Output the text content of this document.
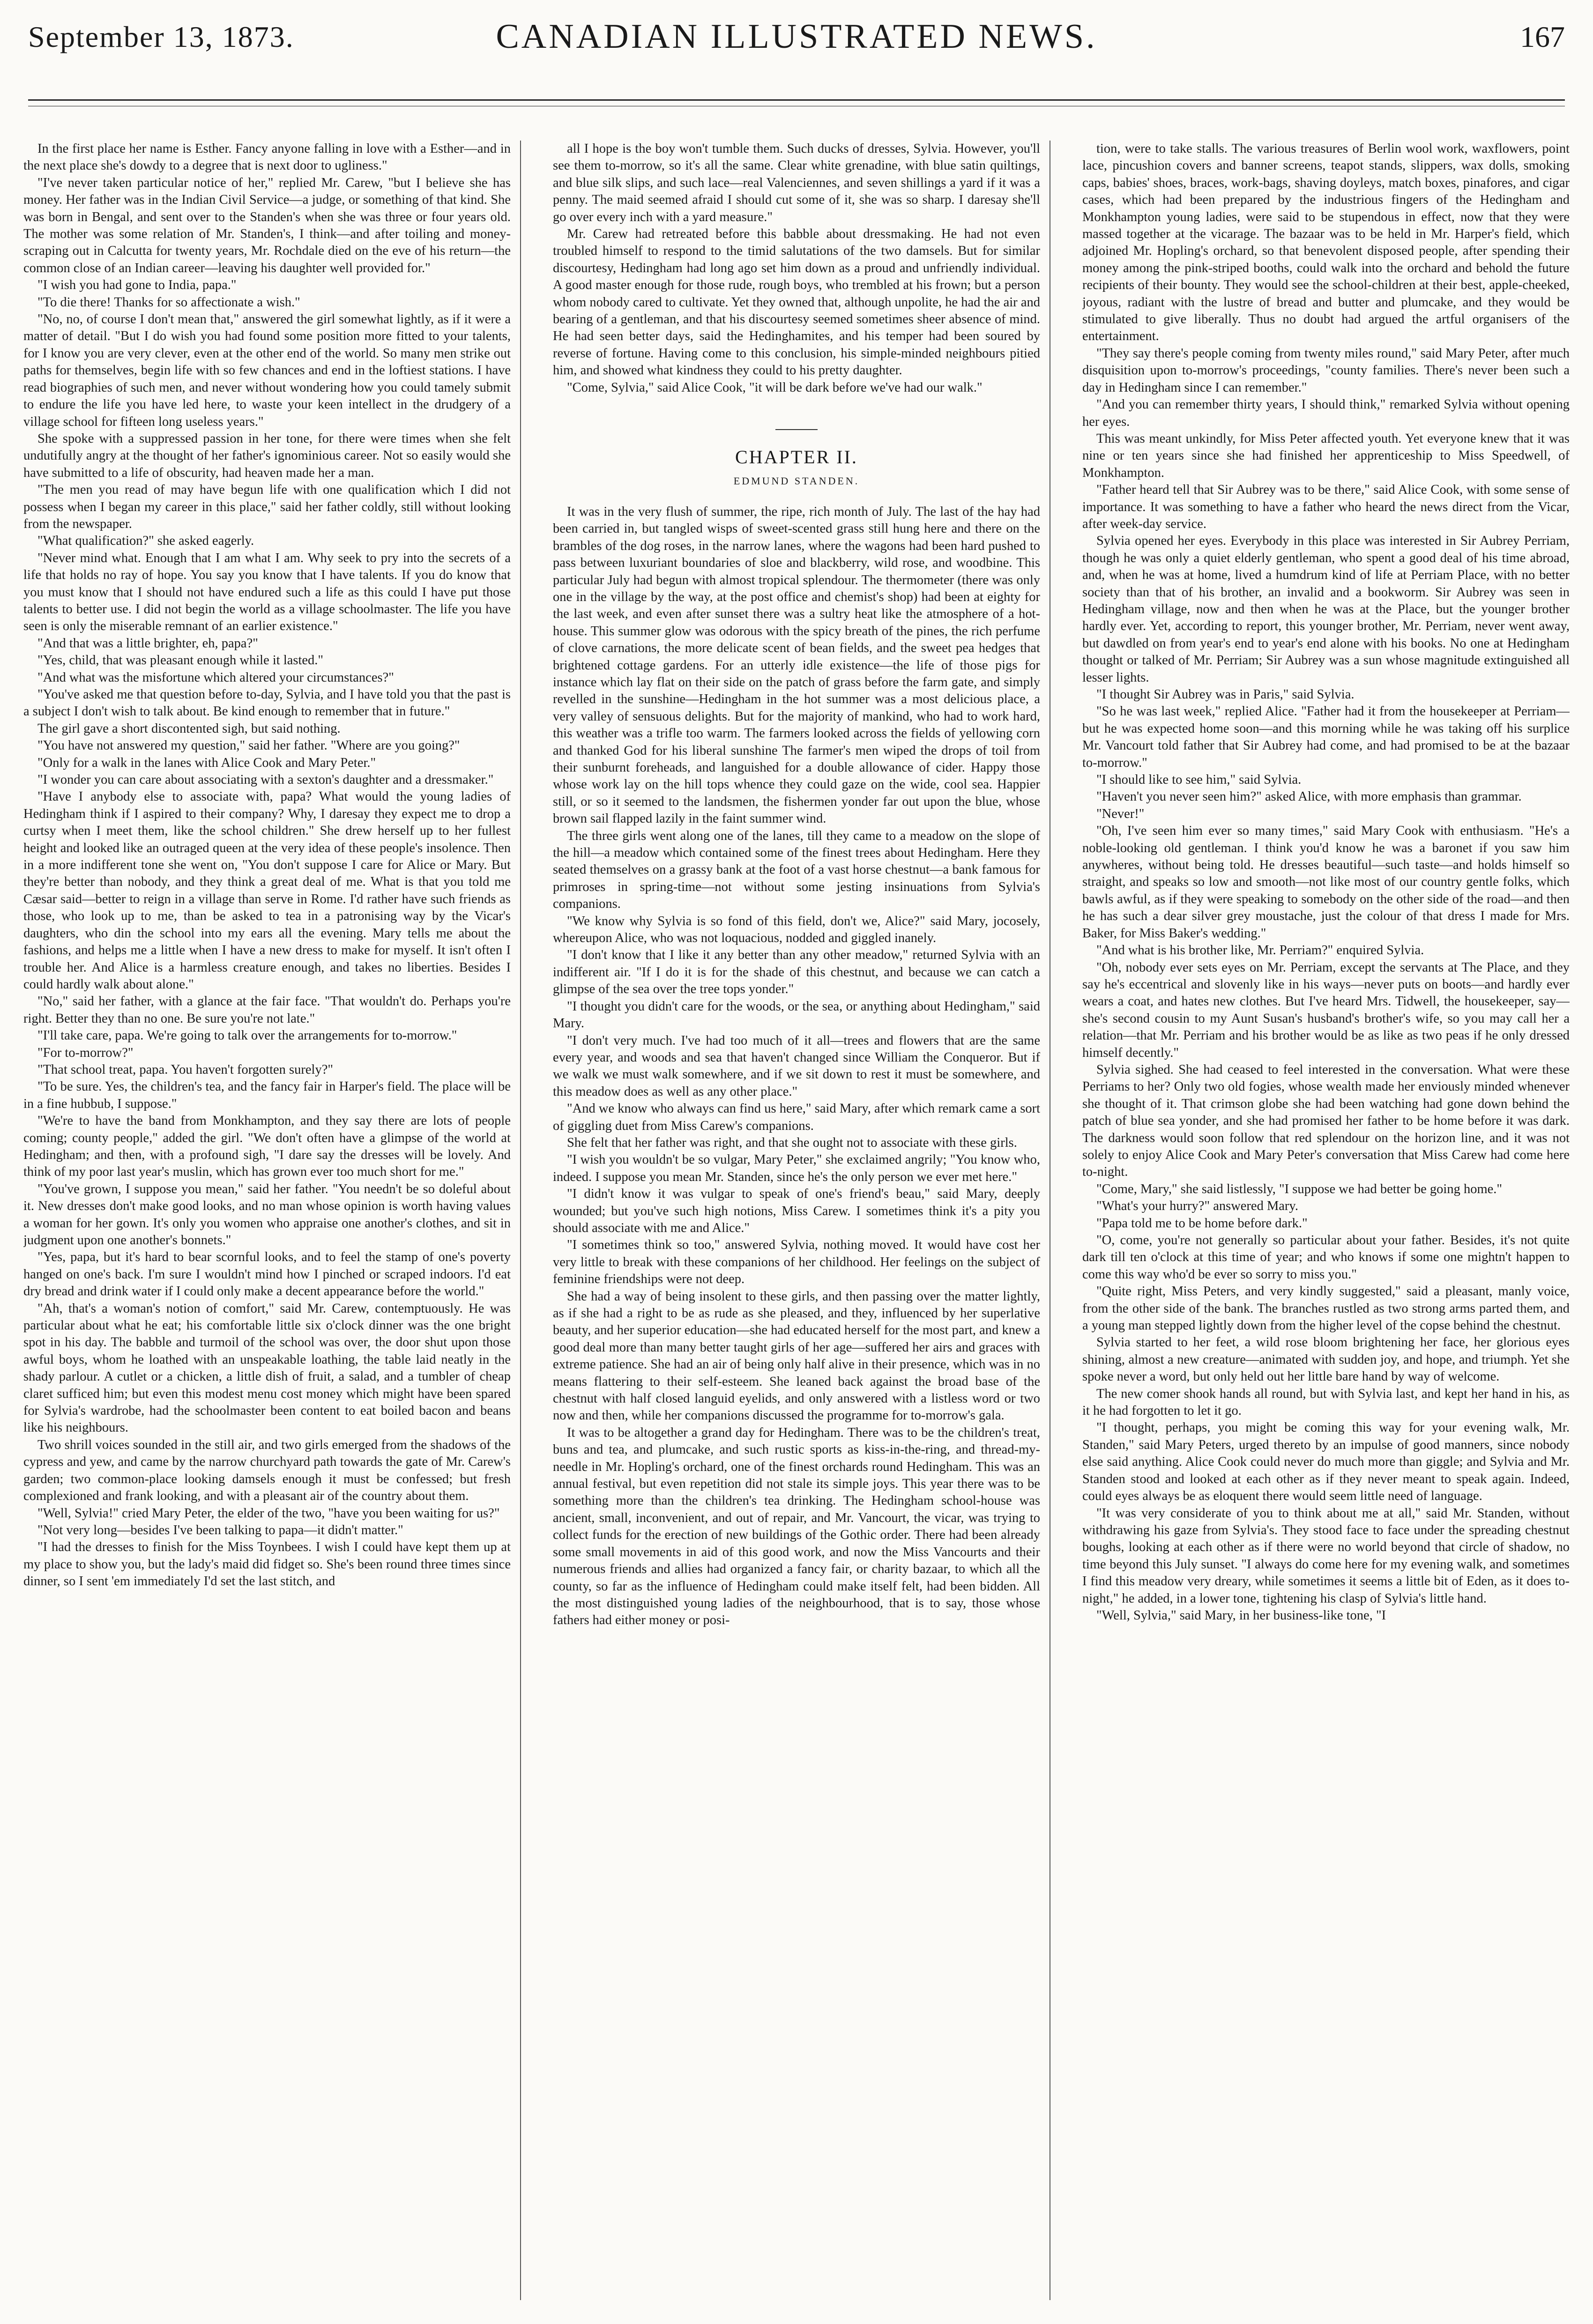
September 13, 1873.	CANADIAN ILLUSTRATED NEWS.	167

In the first place her name is Esther. Fancy anyone falling in love with a Esther—and in the next place she's dowdy to a degree that is next door to ugliness."

"I've never taken particular notice of her," replied Mr. Carew, "but I believe she has money. Her father was in the Indian Civil Service—a judge, or something of that kind. She was born in Bengal, and sent over to the Standen's when she was three or four years old. The mother was some relation of Mr. Standen's, I think—and after toiling and money-scraping out in Calcutta for twenty years, Mr. Rochdale died on the eve of his return—the common close of an Indian career—leaving his daughter well provided for."

"I wish you had gone to India, papa."

"To die there! Thanks for so affectionate a wish."

"No, no, of course I don't mean that," answered the girl somewhat lightly, as if it were a matter of detail. "But I do wish you had found some position more fitted to your talents, for I know you are very clever, even at the other end of the world. So many men strike out paths for themselves, begin life with so few chances and end in the loftiest stations. I have read biographies of such men, and never without wondering how you could tamely submit to endure the life you have led here, to waste your keen intellect in the drudgery of a village school for fifteen long useless years."

She spoke with a suppressed passion in her tone, for there were times when she felt undutifully angry at the thought of her father's ignominious career. Not so easily would she have submitted to a life of obscurity, had heaven made her a man.

"The men you read of may have begun life with one qualification which I did not possess when I began my career in this place," said her father coldly, still without looking from the newspaper.

"What qualification?" she asked eagerly.

"Never mind what. Enough that I am what I am. Why seek to pry into the secrets of a life that holds no ray of hope. You say you know that I have talents. If you do know that you must know that I should not have endured such a life as this could I have put those talents to better use. I did not begin the world as a village schoolmaster. The life you have seen is only the miserable remnant of an earlier existence."

"And that was a little brighter, eh, papa?"

"Yes, child, that was pleasant enough while it lasted."

"And what was the misfortune which altered your circumstances?"

"You've asked me that question before to-day, Sylvia, and I have told you that the past is a subject I don't wish to talk about. Be kind enough to remember that in future."

The girl gave a short discontented sigh, but said nothing.

"You have not answered my question," said her father. "Where are you going?"

"Only for a walk in the lanes with Alice Cook and Mary Peter."

"I wonder you can care about associating with a sexton's daughter and a dressmaker."

"Have I anybody else to associate with, papa? What would the young ladies of Hedingham think if I aspired to their company? Why, I daresay they expect me to drop a curtsy when I meet them, like the school children." She drew herself up to her fullest height and looked like an outraged queen at the very idea of these people's insolence. Then in a more indifferent tone she went on, "You don't suppose I care for Alice or Mary. But they're better than nobody, and they think a great deal of me. What is that you told me Cæsar said—better to reign in a village than serve in Rome. I'd rather have such friends as those, who look up to me, than be asked to tea in a patronising way by the Vicar's daughters, who din the school into my ears all the evening. Mary tells me about the fashions, and helps me a little when I have a new dress to make for myself. It isn't often I trouble her. And Alice is a harmless creature enough, and takes no liberties. Besides I could hardly walk about alone."

"No," said her father, with a glance at the fair face. "That wouldn't do. Perhaps you're right. Better they than no one. Be sure you're not late."

"I'll take care, papa. We're going to talk over the arrangements for to-morrow."

"For to-morrow?"

"That school treat, papa. You haven't forgotten surely?"

"To be sure. Yes, the children's tea, and the fancy fair in Harper's field. The place will be in a fine hubbub, I suppose."

"We're to have the band from Monkhampton, and they say there are lots of people coming; county people," added the girl. "We don't often have a glimpse of the world at Hedingham; and then, with a profound sigh, "I dare say the dresses will be lovely. And think of my poor last year's muslin, which has grown ever too much short for me."

"You've grown, I suppose you mean," said her father. "You needn't be so doleful about it. New dresses don't make good looks, and no man whose opinion is worth having values a woman for her gown. It's only you women who appraise one another's clothes, and sit in judgment upon one another's bonnets."

"Yes, papa, but it's hard to bear scornful looks, and to feel the stamp of one's poverty hanged on one's back. I'm sure I wouldn't mind how I pinched or scraped indoors. I'd eat dry bread and drink water if I could only make a decent appearance before the world."

"Ah, that's a woman's notion of comfort," said Mr. Carew, contemptuously. He was particular about what he eat; his comfortable little six o'clock dinner was the one bright spot in his day. The babble and turmoil of the school was over, the door shut upon those awful boys, whom he loathed with an unspeakable loathing, the table laid neatly in the shady parlour. A cutlet or a chicken, a little dish of fruit, a salad, and a tumbler of cheap claret sufficed him; but even this modest menu cost money which might have been spared for Sylvia's wardrobe, had the schoolmaster been content to eat boiled bacon and beans like his neighbours.

Two shrill voices sounded in the still air, and two girls emerged from the shadows of the cypress and yew, and came by the narrow churchyard path towards the gate of Mr. Carew's garden; two common-place looking damsels enough it must be confessed; but fresh complexioned and frank looking, and with a pleasant air of the country about them.

"Well, Sylvia!" cried Mary Peter, the elder of the two, "have you been waiting for us?"

"Not very long—besides I've been talking to papa—it didn't matter."

"I had the dresses to finish for the Miss Toynbees. I wish I could have kept them up at my place to show you, but the lady's maid did fidget so. She's been round three times since dinner, so I sent 'em immediately I'd set the last stitch, and

all I hope is the boy won't tumble them. Such ducks of dresses, Sylvia. However, you'll see them to-morrow, so it's all the same. Clear white grenadine, with blue satin quiltings, and blue silk slips, and such lace—real Valenciennes, and seven shillings a yard if it was a penny. The maid seemed afraid I should cut some of it, she was so sharp. I daresay she'll go over every inch with a yard measure."

Mr. Carew had retreated before this babble about dressmaking. He had not even troubled himself to respond to the timid salutations of the two damsels. But for similar discourtesy, Hedingham had long ago set him down as a proud and unfriendly individual. A good master enough for those rude, rough boys, who trembled at his frown; but a person whom nobody cared to cultivate. Yet they owned that, although unpolite, he had the air and bearing of a gentleman, and that his discourtesy seemed sometimes sheer absence of mind. He had seen better days, said the Hedinghamites, and his temper had been soured by reverse of fortune. Having come to this conclusion, his simple-minded neighbours pitied him, and showed what kindness they could to his pretty daughter.

"Come, Sylvia," said Alice Cook, "it will be dark before we've had our walk."

CHAPTER II.
EDMUND STANDEN.

It was in the very flush of summer, the ripe, rich month of July. The last of the hay had been carried in, but tangled wisps of sweet-scented grass still hung here and there on the brambles of the dog roses, in the narrow lanes, where the wagons had been hard pushed to pass between luxuriant boundaries of sloe and blackberry, wild rose, and woodbine. This particular July had begun with almost tropical splendour. The thermometer (there was only one in the village by the way, at the post office and chemist's shop) had been at eighty for the last week, and even after sunset there was a sultry heat like the atmosphere of a hot-house. This summer glow was odorous with the spicy breath of the pines, the rich perfume of clove carnations, the more delicate scent of bean fields, and the sweet pea hedges that brightened cottage gardens. For an utterly idle existence—the life of those pigs for instance which lay flat on their side on the patch of grass before the farm gate, and simply revelled in the sunshine—Hedingham in the hot summer was a most delicious place, a very valley of sensuous delights. But for the majority of mankind, who had to work hard, this weather was a trifle too warm. The farmers looked across the fields of yellowing corn and thanked God for his liberal sunshine The farmer's men wiped the drops of toil from their sunburnt foreheads, and languished for a double allowance of cider. Happy those whose work lay on the hill tops whence they could gaze on the wide, cool sea. Happier still, or so it seemed to the landsmen, the fishermen yonder far out upon the blue, whose brown sail flapped lazily in the faint summer wind.

The three girls went along one of the lanes, till they came to a meadow on the slope of the hill—a meadow which contained some of the finest trees about Hedingham. Here they seated themselves on a grassy bank at the foot of a vast horse chestnut—a bank famous for primroses in spring-time—not without some jesting insinuations from Sylvia's companions.

"We know why Sylvia is so fond of this field, don't we, Alice?" said Mary, jocosely, whereupon Alice, who was not loquacious, nodded and giggled inanely.

"I don't know that I like it any better than any other meadow," returned Sylvia with an indifferent air. "If I do it is for the shade of this chestnut, and because we can catch a glimpse of the sea over the tree tops yonder."

"I thought you didn't care for the woods, or the sea, or anything about Hedingham," said Mary.

"I don't very much. I've had too much of it all—trees and flowers that are the same every year, and woods and sea that haven't changed since William the Conqueror. But if we walk we must walk somewhere, and if we sit down to rest it must be somewhere, and this meadow does as well as any other place."

"And we know who always can find us here," said Mary, after which remark came a sort of giggling duet from Miss Carew's companions.

She felt that her father was right, and that she ought not to associate with these girls.

"I wish you wouldn't be so vulgar, Mary Peter," she exclaimed angrily; "You know who, indeed. I suppose you mean Mr. Standen, since he's the only person we ever met here."

"I didn't know it was vulgar to speak of one's friend's beau," said Mary, deeply wounded; but you've such high notions, Miss Carew. I sometimes think it's a pity you should associate with me and Alice."

"I sometimes think so too," answered Sylvia, nothing moved. It would have cost her very little to break with these companions of her childhood. Her feelings on the subject of feminine friendships were not deep.

She had a way of being insolent to these girls, and then passing over the matter lightly, as if she had a right to be as rude as she pleased, and they, influenced by her superlative beauty, and her superior education—she had educated herself for the most part, and knew a good deal more than many better taught girls of her age—suffered her airs and graces with extreme patience. She had an air of being only half alive in their presence, which was in no means flattering to their self-esteem. She leaned back against the broad base of the chestnut with half closed languid eyelids, and only answered with a listless word or two now and then, while her companions discussed the programme for to-morrow's gala.

It was to be altogether a grand day for Hedingham. There was to be the children's treat, buns and tea, and plumcake, and such rustic sports as kiss-in-the-ring, and thread-my-needle in Mr. Hopling's orchard, one of the finest orchards round Hedingham. This was an annual festival, but even repetition did not stale its simple joys. This year there was to be something more than the children's tea drinking. The Hedingham school-house was ancient, small, inconvenient, and out of repair, and Mr. Vancourt, the vicar, was trying to collect funds for the erection of new buildings of the Gothic order. There had been already some small movements in aid of this good work, and now the Miss Vancourts and their numerous friends and allies had organized a fancy fair, or charity bazaar, to which all the county, so far as the influence of Hedingham could make itself felt, had been bidden. All the most distinguished young ladies of the neighbourhood, that is to say, those whose fathers had either money or posi-

tion, were to take stalls. The various treasures of Berlin wool work, waxflowers, point lace, pincushion covers and banner screens, teapot stands, slippers, wax dolls, smoking caps, babies' shoes, braces, work-bags, shaving doyleys, match boxes, pinafores, and cigar cases, which had been prepared by the industrious fingers of the Hedingham and Monkhampton young ladies, were said to be stupendous in effect, now that they were massed together at the vicarage. The bazaar was to be held in Mr. Harper's field, which adjoined Mr. Hopling's orchard, so that benevolent disposed people, after spending their money among the pink-striped booths, could walk into the orchard and behold the future recipients of their bounty. They would see the school-children at their best, apple-cheeked, joyous, radiant with the lustre of bread and butter and plumcake, and they would be stimulated to give liberally. Thus no doubt had argued the artful organisers of the entertainment.

"They say there's people coming from twenty miles round," said Mary Peter, after much disquisition upon to-morrow's proceedings, "county families. There's never been such a day in Hedingham since I can remember."

"And you can remember thirty years, I should think," remarked Sylvia without opening her eyes.

This was meant unkindly, for Miss Peter affected youth. Yet everyone knew that it was nine or ten years since she had finished her apprenticeship to Miss Speedwell, of Monkhampton.

"Father heard tell that Sir Aubrey was to be there," said Alice Cook, with some sense of importance. It was something to have a father who heard the news direct from the Vicar, after week-day service.

Sylvia opened her eyes. Everybody in this place was interested in Sir Aubrey Perriam, though he was only a quiet elderly gentleman, who spent a good deal of his time abroad, and, when he was at home, lived a humdrum kind of life at Perriam Place, with no better society than that of his brother, an invalid and a bookworm. Sir Aubrey was seen in Hedingham village, now and then when he was at the Place, but the younger brother hardly ever. Yet, according to report, this younger brother, Mr. Perriam, never went away, but dawdled on from year's end to year's end alone with his books. No one at Hedingham thought or talked of Mr. Perriam; Sir Aubrey was a sun whose magnitude extinguished all lesser lights.

"I thought Sir Aubrey was in Paris," said Sylvia.

"So he was last week," replied Alice. "Father had it from the housekeeper at Perriam—but he was expected home soon—and this morning while he was taking off his surplice Mr. Vancourt told father that Sir Aubrey had come, and had promised to be at the bazaar to-morrow."

"I should like to see him," said Sylvia.

"Haven't you never seen him?" asked Alice, with more emphasis than grammar.

"Never!"

"Oh, I've seen him ever so many times," said Mary Cook with enthusiasm. "He's a noble-looking old gentleman. I think you'd know he was a baronet if you saw him anywheres, without being told. He dresses beautiful—such taste—and holds himself so straight, and speaks so low and smooth—not like most of our country gentle folks, which bawls awful, as if they were speaking to somebody on the other side of the road—and then he has such a dear silver grey moustache, just the colour of that dress I made for Mrs. Baker, for Miss Baker's wedding."

"And what is his brother like, Mr. Perriam?" enquired Sylvia.

"Oh, nobody ever sets eyes on Mr. Perriam, except the servants at The Place, and they say he's eccentrical and slovenly like in his ways—never puts on boots—and hardly ever wears a coat, and hates new clothes. But I've heard Mrs. Tidwell, the housekeeper, say—she's second cousin to my Aunt Susan's husband's brother's wife, so you may call her a relation—that Mr. Perriam and his brother would be as like as two peas if he only dressed himself decently."

Sylvia sighed. She had ceased to feel interested in the conversation. What were these Perriams to her? Only two old fogies, whose wealth made her enviously minded whenever she thought of it. That crimson globe she had been watching had gone down behind the patch of blue sea yonder, and she had promised her father to be home before it was dark. The darkness would soon follow that red splendour on the horizon line, and it was not solely to enjoy Alice Cook and Mary Peter's conversation that Miss Carew had come here to-night.

"Come, Mary," she said listlessly, "I suppose we had better be going home."

"What's your hurry?" answered Mary.

"Papa told me to be home before dark."

"O, come, you're not generally so particular about your father. Besides, it's not quite dark till ten o'clock at this time of year; and who knows if some one mightn't happen to come this way who'd be ever so sorry to miss you."

"Quite right, Miss Peters, and very kindly suggested," said a pleasant, manly voice, from the other side of the bank. The branches rustled as two strong arms parted them, and a young man stepped lightly down from the higher level of the copse behind the chestnut.

Sylvia started to her feet, a wild rose bloom brightening her face, her glorious eyes shining, almost a new creature—animated with sudden joy, and hope, and triumph. Yet she spoke never a word, but only held out her little bare hand by way of welcome.

The new comer shook hands all round, but with Sylvia last, and kept her hand in his, as it he had forgotten to let it go.

"I thought, perhaps, you might be coming this way for your evening walk, Mr. Standen," said Mary Peters, urged thereto by an impulse of good manners, since nobody else said anything. Alice Cook could never do much more than giggle; and Sylvia and Mr. Standen stood and looked at each other as if they never meant to speak again. Indeed, could eyes always be as eloquent there would seem little need of language.

"It was very considerate of you to think about me at all," said Mr. Standen, without withdrawing his gaze from Sylvia's. They stood face to face under the spreading chestnut boughs, looking at each other as if there were no world beyond that circle of shadow, no time beyond this July sunset. "I always do come here for my evening walk, and sometimes I find this meadow very dreary, while sometimes it seems a little bit of Eden, as it does to-night," he added, in a lower tone, tightening his clasp of Sylvia's little hand.

"Well, Sylvia," said Mary, in her business-like tone, "I
